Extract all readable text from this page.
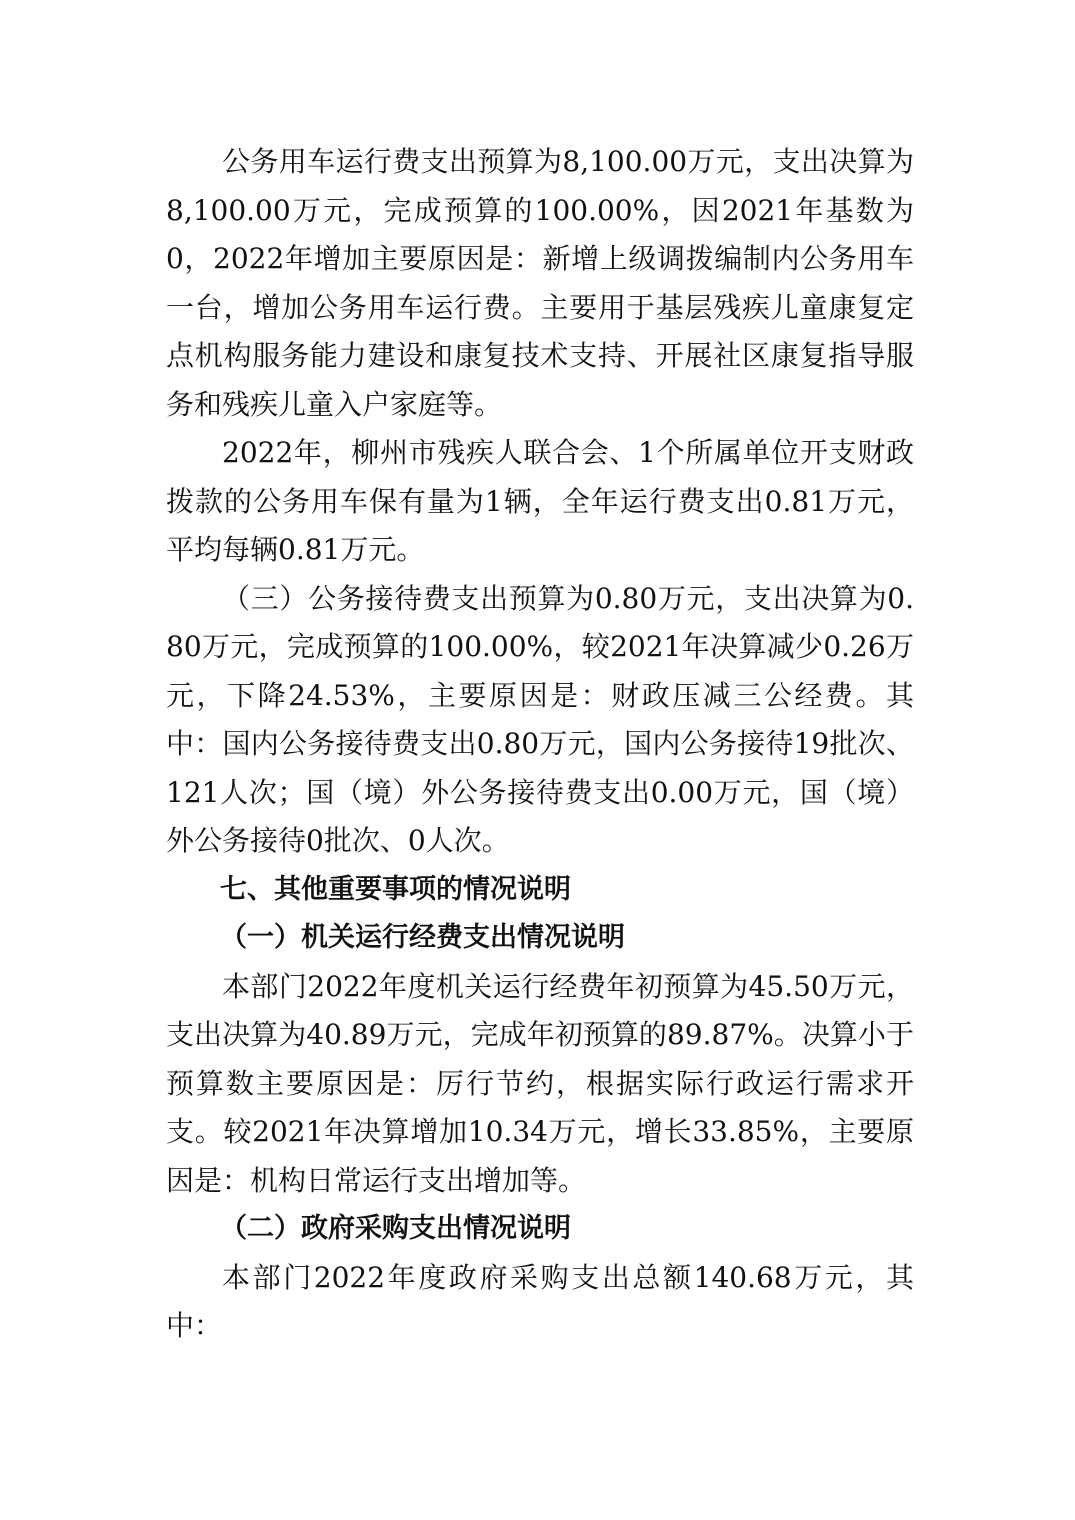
公务用车运行费支出预算为8,100.00万元，支出决算为8,100.00万元，完成预算的100.00%，因2021年基数为0，2022年增加主要原因是：新增上级调拨编制内公务用车一台，增加公务用车运行费。主要用于基层残疾儿童康复定点机构服务能力建设和康复技术支持、开展社区康复指导服务和残疾儿童入户家庭等。

2022年，柳州市残疾人联合会、1个所属单位开支财政拨款的公务用车保有量为1辆，全年运行费支出0.81万元，平均每辆0.81万元。

（三）公务接待费支出预算为0.80万元，支出决算为0.80万元，完成预算的100.00%，较2021年决算减少0.26万元，下降24.53%，主要原因是：财政压减三公经费。其中：国内公务接待费支出0.80万元，国内公务接待19批次、121人次；国（境）外公务接待费支出0.00万元，国（境）外公务接待0批次、0人次。

七、其他重要事项的情况说明

（一）机关运行经费支出情况说明

本部门2022年度机关运行经费年初预算为45.50万元，支出决算为40.89万元，完成年初预算的89.87%。决算小于预算数主要原因是：厉行节约，根据实际行政运行需求开支。较2021年决算增加10.34万元，增长33.85%，主要原因是：机构日常运行支出增加等。

（二）政府采购支出情况说明

本部门2022年度政府采购支出总额140.68万元，其中：
